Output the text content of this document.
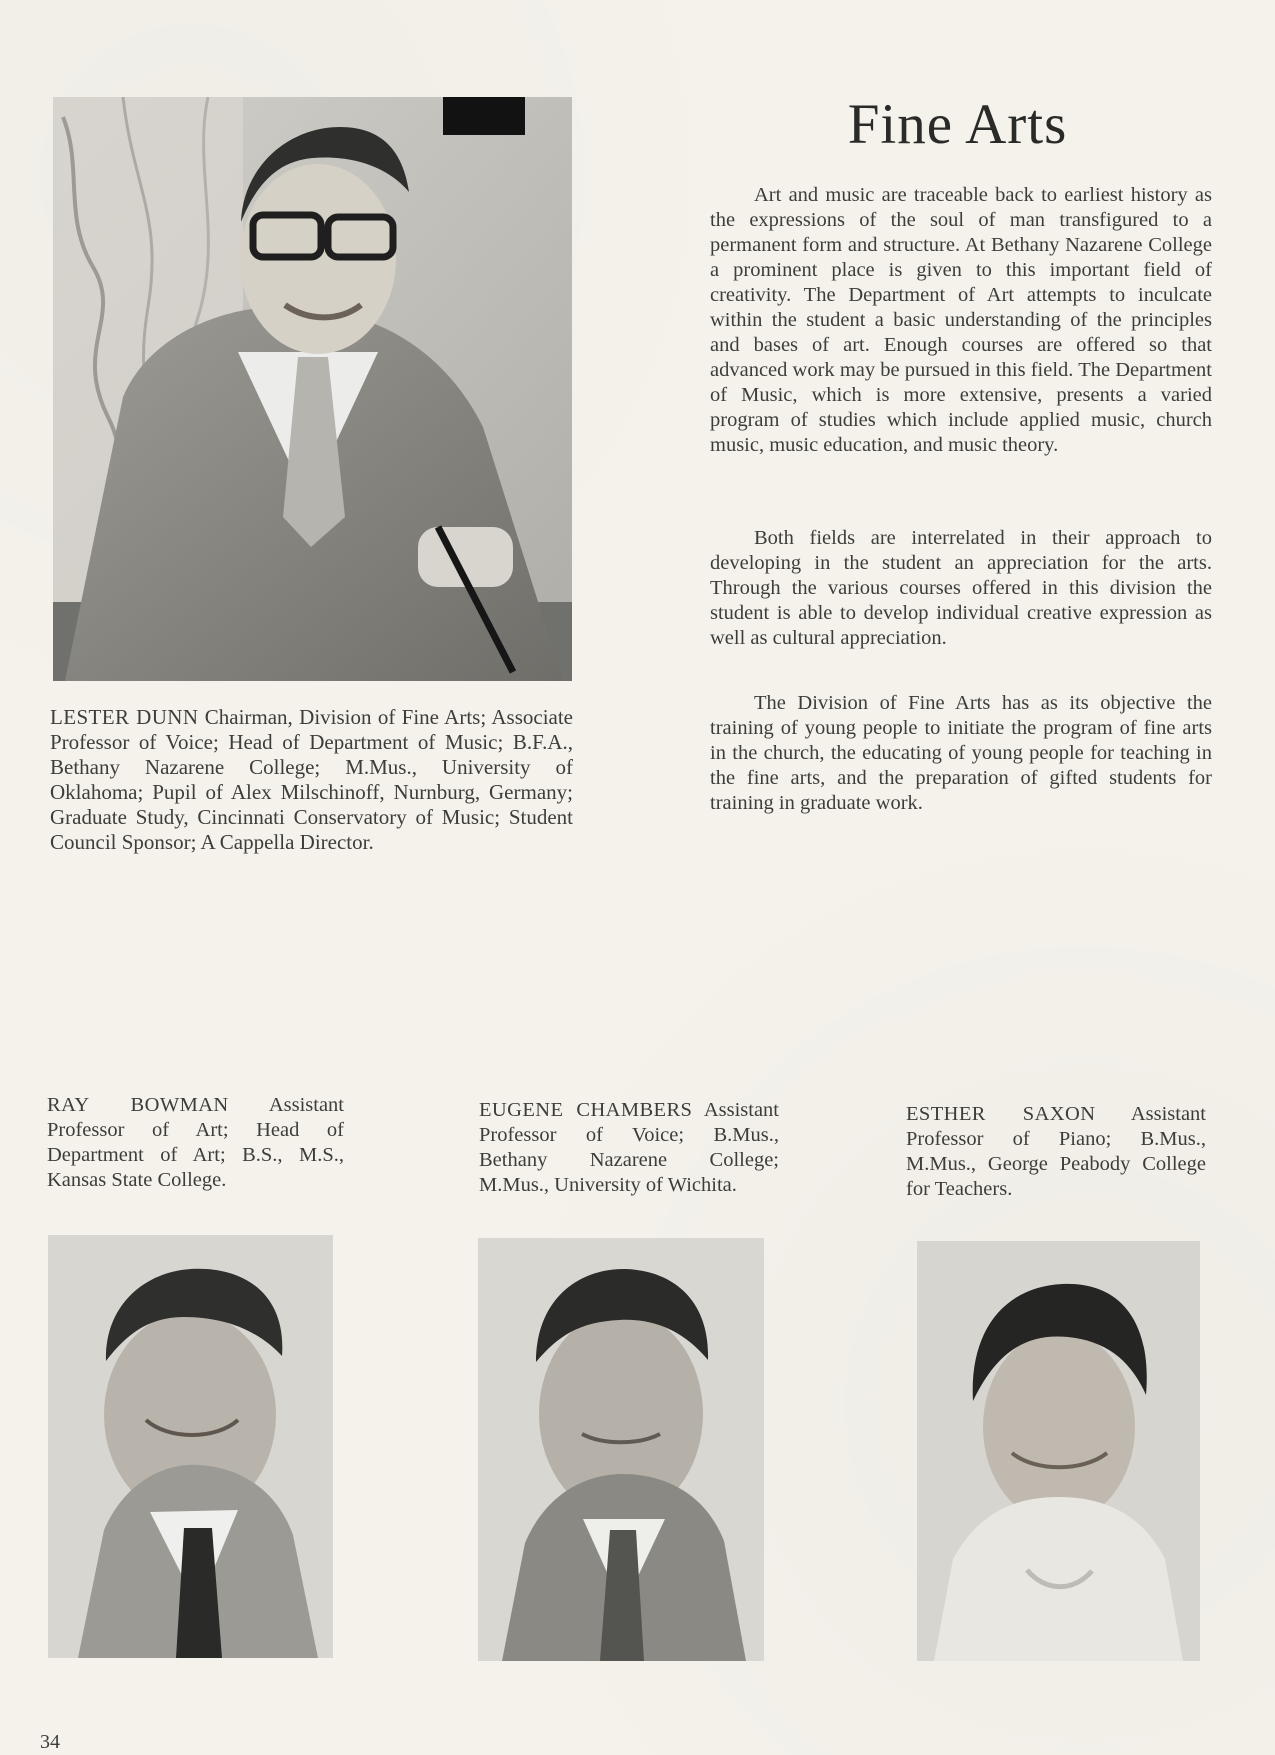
Fine Arts

Art and music are traceable back to earliest history as the expressions of the soul of man transfigured to a permanent form and structure. At Bethany Nazarene College a prominent place is given to this important field of creativity. The Department of Art attempts to inculcate within the student a basic understanding of the principles and bases of art. Enough courses are offered so that advanced work may be pursued in this field. The Department of Music, which is more extensive, presents a varied program of studies which include applied music, church music, music education, and music theory.

Both fields are interrelated in their approach to developing in the student an appreciation for the arts. Through the various courses offered in this division the student is able to develop individual creative expression as well as cultural appreciation.

The Division of Fine Arts has as its objective the training of young people to initiate the program of fine arts in the church, the educating of young people for teaching in the fine arts, and the preparation of gifted students for training in graduate work.

LESTER DUNN Chairman, Division of Fine Arts; Associate Professor of Voice; Head of Department of Music; B.F.A., Bethany Nazarene College; M.Mus., University of Oklahoma; Pupil of Alex Milschinoff, Nurnburg, Germany; Graduate Study, Cincinnati Conservatory of Music; Student Council Sponsor; A Cappella Director.

RAY BOWMAN Assistant Professor of Art; Head of Department of Art; B.S., M.S., Kansas State College.

EUGENE CHAMBERS Assistant Professor of Voice; B.Mus., Bethany Nazarene College; M.Mus., University of Wichita.

ESTHER SAXON Assistant Professor of Piano; B.Mus., M.Mus., George Peabody College for Teachers.

34
